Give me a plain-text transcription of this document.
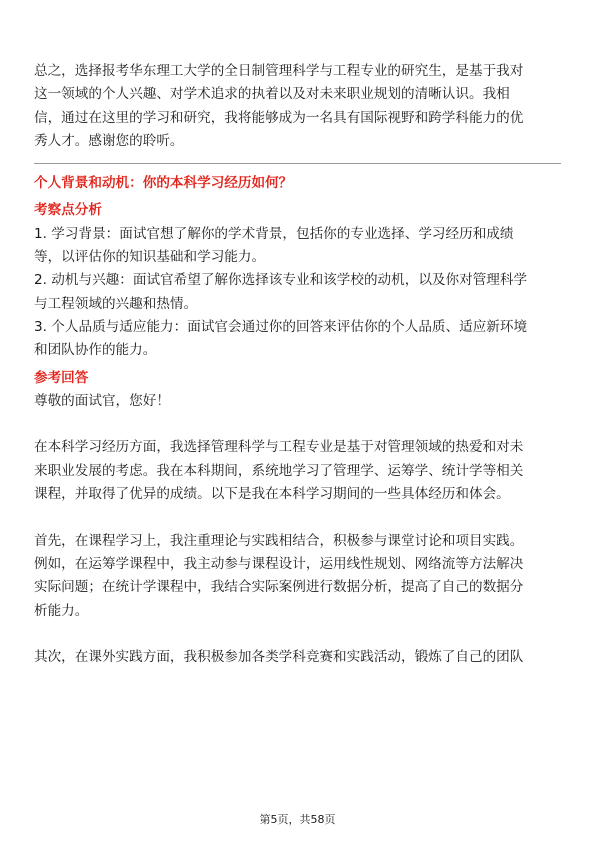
总之，选择报考华东理工大学的全日制管理科学与工程专业的研究生，是基于我对

这一领域的个人兴趣、对学术追求的执着以及对未来职业规划的清晰认识。我相

信，通过在这里的学习和研究，我将能够成为一名具有国际视野和跨学科能力的优

秀人才。感谢您的聆听。

个人背景和动机：你的本科学习经历如何？

考察点分析

1. 学习背景：面试官想了解你的学术背景，包括你的专业选择、学习经历和成绩

等，以评估你的知识基础和学习能力。

2. 动机与兴趣：面试官希望了解你选择该专业和该学校的动机，以及你对管理科学

与工程领域的兴趣和热情。

3. 个人品质与适应能力：面试官会通过你的回答来评估你的个人品质、适应新环境

和团队协作的能力。

参考回答

尊敬的面试官，您好！

在本科学习经历方面，我选择管理科学与工程专业是基于对管理领域的热爱和对未

来职业发展的考虑。我在本科期间，系统地学习了管理学、运筹学、统计学等相关

课程，并取得了优异的成绩。以下是我在本科学习期间的一些具体经历和体会。

首先，在课程学习上，我注重理论与实践相结合，积极参与课堂讨论和项目实践。

例如，在运筹学课程中，我主动参与课程设计，运用线性规划、网络流等方法解决

实际问题；在统计学课程中，我结合实际案例进行数据分析，提高了自己的数据分

析能力。

其次，在课外实践方面，我积极参加各类学科竞赛和实践活动，锻炼了自己的团队

第5页，共58页
